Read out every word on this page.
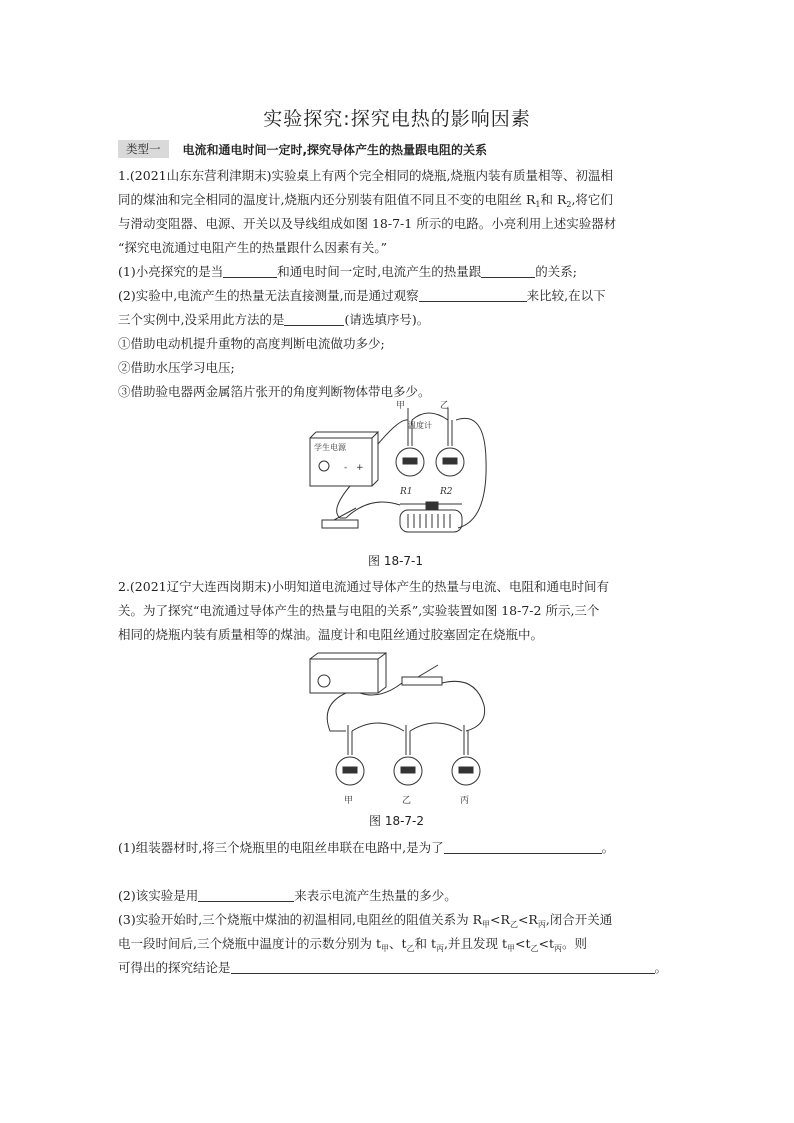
实验探究:探究电热的影响因素
类型一	电流和通电时间一定时,探究导体产生的热量跟电阻的关系
1.(2021山东东营利津期末)实验桌上有两个完全相同的烧瓶,烧瓶内装有质量相等、初温相
同的煤油和完全相同的温度计,烧瓶内还分别装有阻值不同且不变的电阻丝 $R_1$和 $R_2$,将它们
与滑动变阻器、电源、开关以及导线组成如图 18-7-1 所示的电路。小亮利用上述实验器材
“探究电流通过电阻产生的热量跟什么因素有关。”
(1)小亮探究的是当	和通电时间一定时,电流产生的热量跟	的关系;
(2)实验中,电流产生的热量无法直接测量,而是通过观察	来比较,在以下
三个实例中,没采用此方法的是	(请选填序号)。
①借助电动机提升重物的高度判断电流做功多少;
②借助水压学习电压;
③借助验电器两金属箔片张开的角度判断物体带电多少。
甲	乙
温度计
学生电源
- +
R1	R2
图 18-7-1
2.(2021辽宁大连西岗期末)小明知道电流通过导体产生的热量与电流、电阻和通电时间有
关。为了探究“电流通过导体产生的热量与电阻的关系”,实验装置如图 18-7-2 所示,三个
相同的烧瓶内装有质量相等的煤油。温度计和电阻丝通过胶塞固定在烧瓶中。
甲	乙	丙
图 18-7-2
(1)组装器材时,将三个烧瓶里的电阻丝串联在电路中,是为了	。
(2)该实验是用	来表示电流产生热量的多少。
(3)实验开始时,三个烧瓶中煤油的初温相同,电阻丝的阻值关系为 $R_甲<R_乙<R_丙$,闭合开关通
电一段时间后,三个烧瓶中温度计的示数分别为 $t_甲$、$t_乙$和 $t_丙$,并且发现 $t_甲<t_乙<t_丙$。则
可得出的探究结论是	。
